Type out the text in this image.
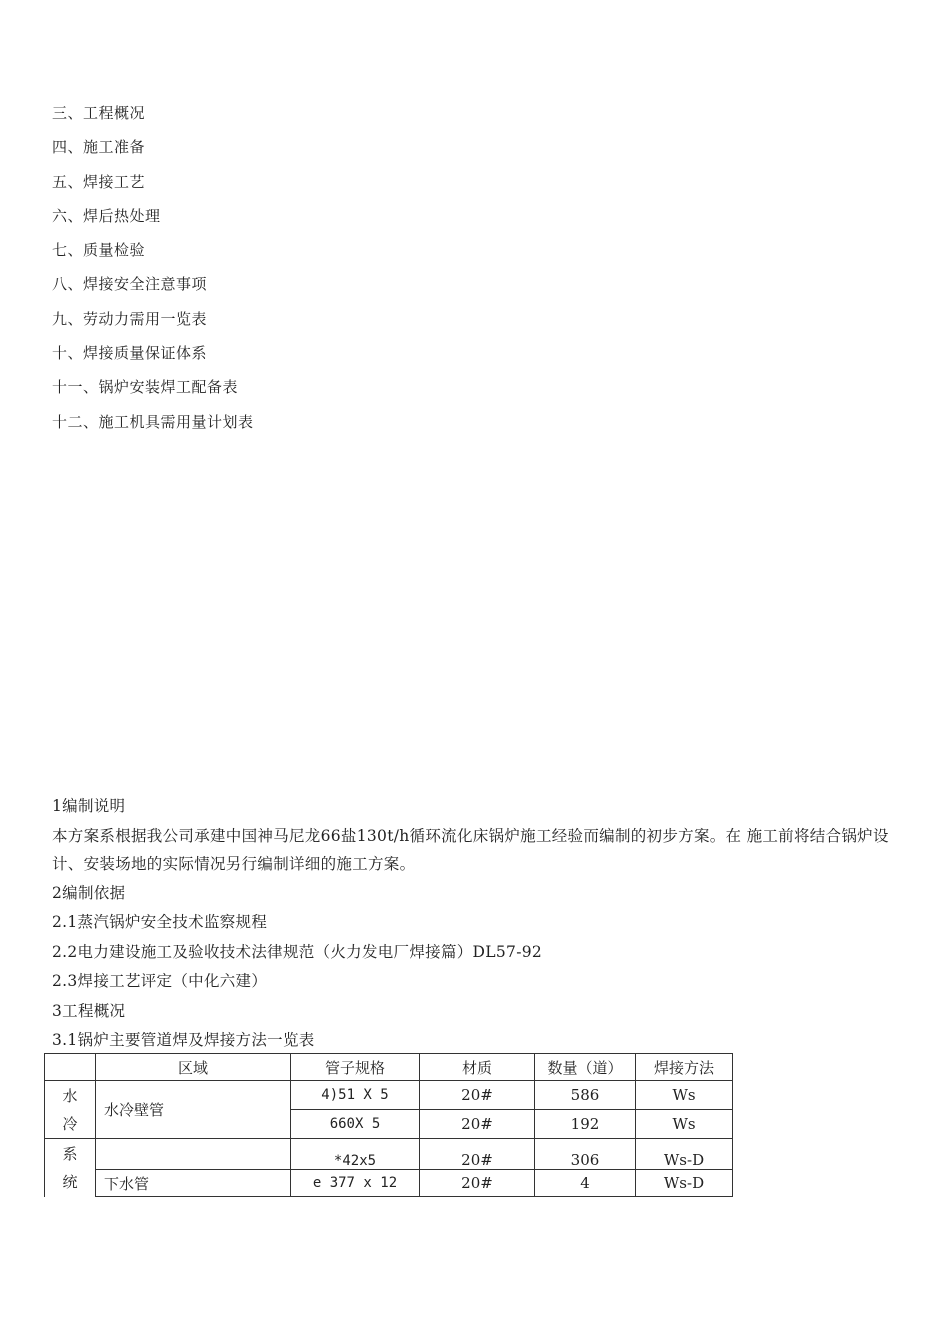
三、工程概况
四、施工准备
五、焊接工艺
六、焊后热处理
七、质量检验
八、焊接安全注意事项
九、劳动力需用一览表
十、焊接质量保证体系
十一、锅炉安装焊工配备表
十二、施工机具需用量计划表
1编制说明
本方案系根据我公司承建中国神马尼龙66盐130t/h循环流化床锅炉施工经验而编制的初步方案。在 施工前将结合锅炉设计、安装场地的实际情况另行编制详细的施工方案。
2编制依据
2.1蒸汽锅炉安全技术监察规程
2.2电力建设施工及验收技术法律规范（火力发电厂焊接篇）DL57-92
2.3焊接工艺评定（中化六建）
3工程概况
3.1锅炉主要管道焊及焊接方法一览表
	区域	管子规格	材质	数量（道）	焊接方法

水
冷	水冷壁管	4)51 X 5	20#	586	Ws
		660X 5	20#	192	Ws

系
统		*42x5	20#	306	Ws-D
	下水管	e 377 x 12	20#	4	Ws-D
